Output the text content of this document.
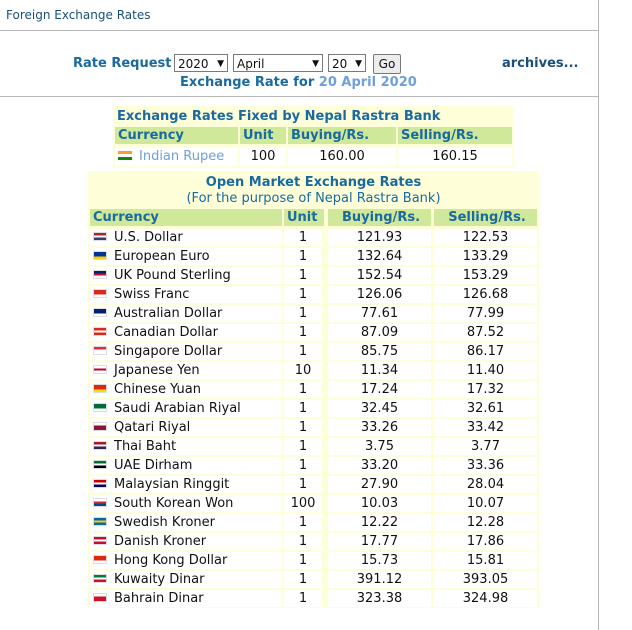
Foreign Exchange Rates
Rate Request 2020 ▼	April	▼	20 ▼	Go	archives...
Exchange Rate for 20 April 2020
Exchange Rates Fixed by Nepal Rastra Bank
Currency	Unit	Buying/Rs.	Selling/Rs.
Indian Rupee	100	160.00	160.15
Open Market Exchange Rates
(For the purpose of Nepal Rastra Bank)
Currency	Unit	Buying/Rs.	Selling/Rs.
U.S. Dollar	1	121.93	122.53
European Euro	1	132.64	133.29
UK Pound Sterling	1	152.54	153.29
Swiss Franc	1	126.06	126.68
Australian Dollar	1	77.61	77.99
Canadian Dollar	1	87.09	87.52
Singapore Dollar	1	85.75	86.17
Japanese Yen	10	11.34	11.40
Chinese Yuan	1	17.24	17.32
Saudi Arabian Riyal	1	32.45	32.61
Qatari Riyal	1	33.26	33.42
Thai Baht	1	3.75	3.77
UAE Dirham	1	33.20	33.36
Malaysian Ringgit	1	27.90	28.04
South Korean Won	100	10.03	10.07
Swedish Kroner	1	12.22	12.28
Danish Kroner	1	17.77	17.86
Hong Kong Dollar	1	15.73	15.81
Kuwaity Dinar	1	391.12	393.05
Bahrain Dinar	1	323.38	324.98
